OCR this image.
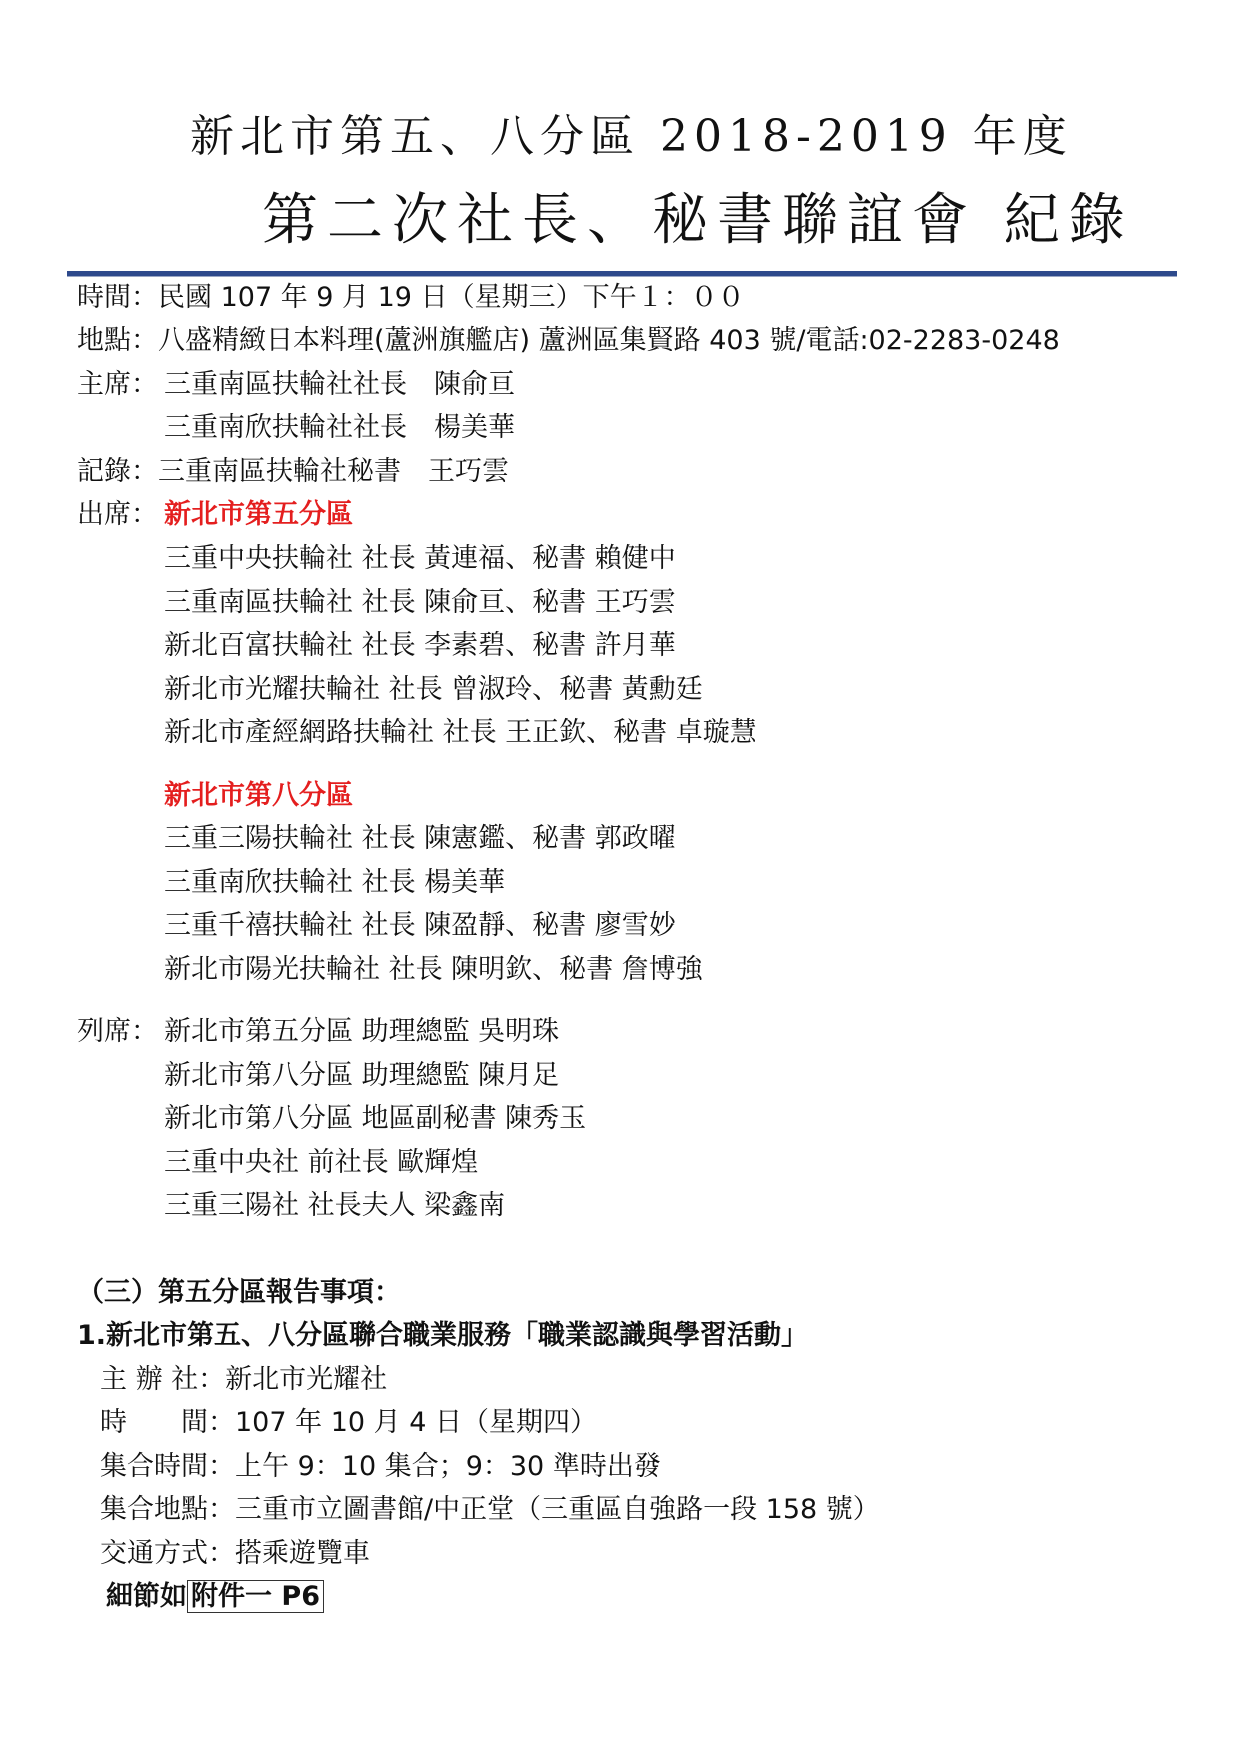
新北市第五、八分區 2018-2019 年度
第二次社長、秘書聯誼會 紀錄
時間：民國 107 年 9 月 19 日（星期三）下午１：００
地點：八盛精緻日本料理(蘆洲旗艦店) 蘆洲區集賢路 403 號/電話:02-2283-0248
主席： 三重南區扶輪社社長　陳俞亘
三重南欣扶輪社社長　楊美華
記錄：三重南區扶輪社秘書　王巧雲
出席： 新北市第五分區
三重中央扶輪社 社長 黃連福、秘書 賴健中
三重南區扶輪社 社長 陳俞亘、秘書 王巧雲
新北百富扶輪社 社長 李素碧、秘書 許月華
新北市光耀扶輪社 社長 曾淑玲、秘書 黃勳廷
新北市產經網路扶輪社 社長 王正欽、秘書 卓璇慧
新北市第八分區
三重三陽扶輪社 社長 陳憲鑑、秘書 郭政曜
三重南欣扶輪社 社長 楊美華
三重千禧扶輪社 社長 陳盈靜、秘書 廖雪妙
新北市陽光扶輪社 社長 陳明欽、秘書 詹博強
列席： 新北市第五分區 助理總監 吳明珠
新北市第八分區 助理總監 陳月足
新北市第八分區 地區副秘書 陳秀玉
三重中央社 前社長 歐輝煌
三重三陽社 社長夫人 梁鑫南
（三）第五分區報告事項：
1.新北市第五、八分區聯合職業服務「職業認識與學習活動」
主 辦 社：新北市光耀社
時　　間：107 年 10 月 4 日（星期四）
集合時間：上午 9：10 集合；9：30 準時出發
集合地點：三重市立圖書館/中正堂（三重區自強路一段 158 號）
交通方式：搭乘遊覽車
細節如 附件一 P6
